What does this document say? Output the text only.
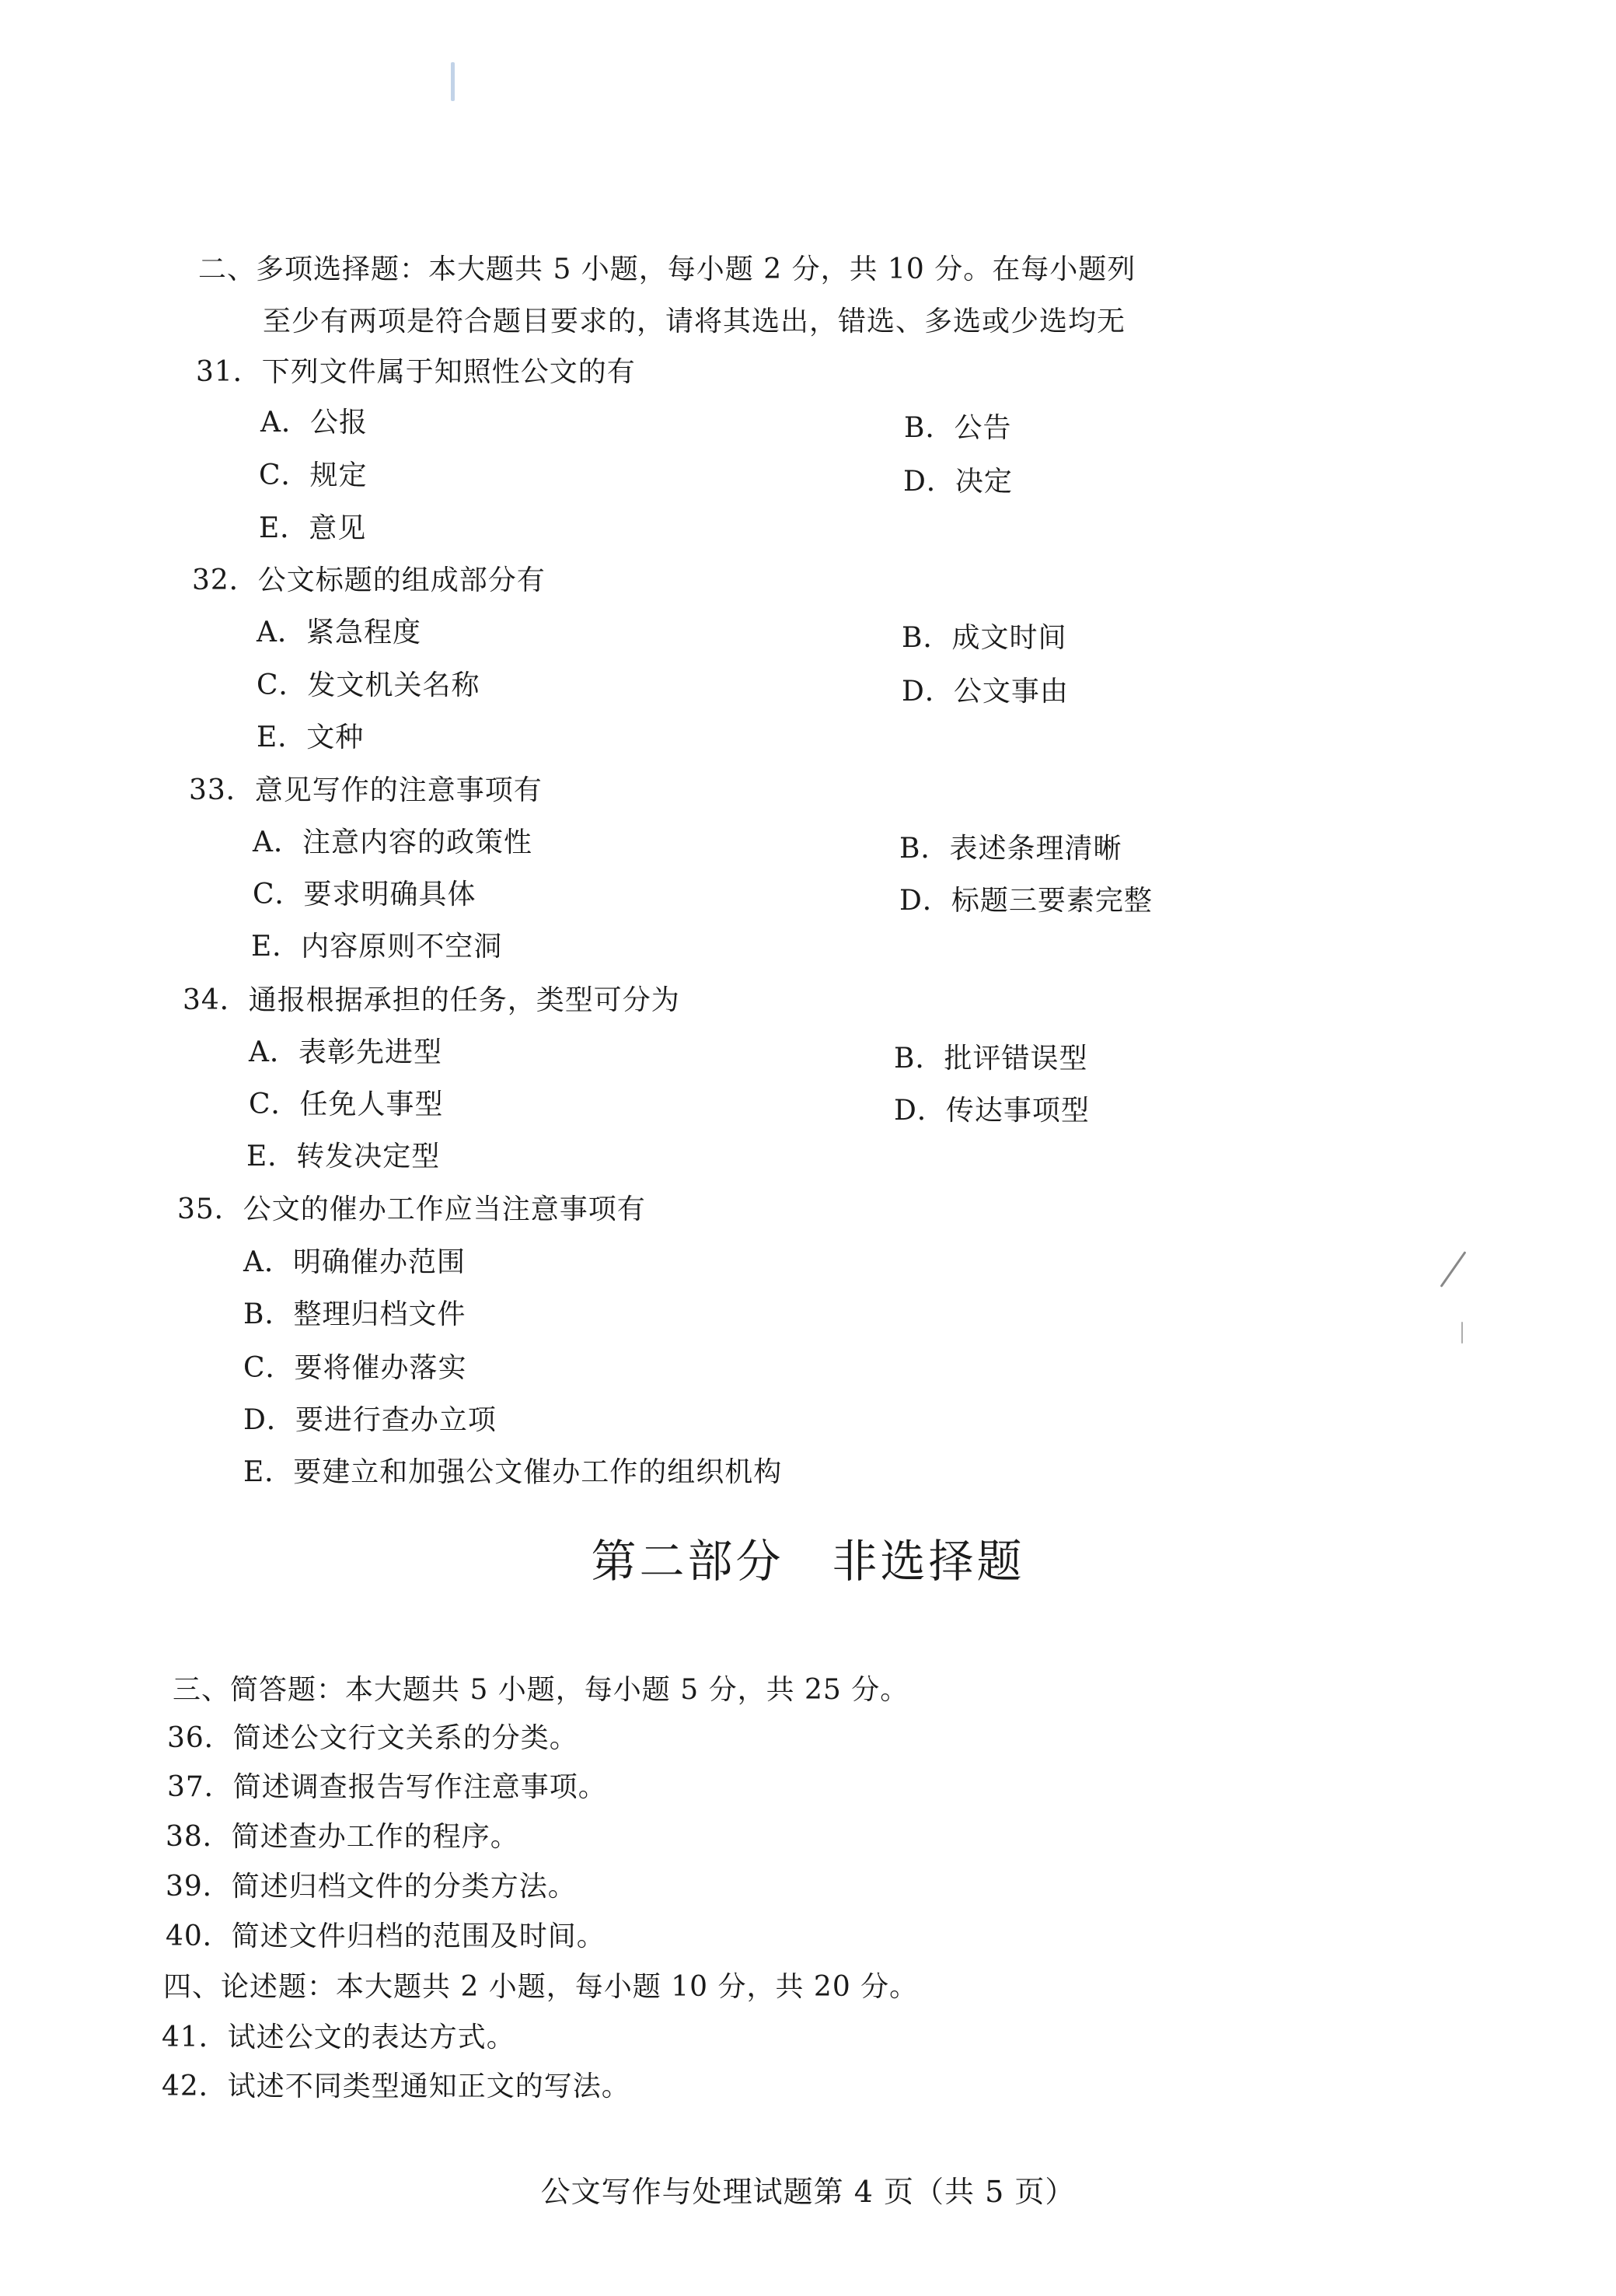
二、多项选择题：本大题共 5 小题，每小题 2 分，共 10 分。在每小题列
至少有两项是符合题目要求的，请将其选出，错选、多选或少选均无
31．下列文件属于知照性公文的有
A．公报	B．公告
C．规定	D．决定
E．意见
32．公文标题的组成部分有
A．紧急程度	B．成文时间
C．发文机关名称	D．公文事由
E．文种
33．意见写作的注意事项有
A．注意内容的政策性	B．表述条理清晰
C．要求明确具体	D．标题三要素完整
E．内容原则不空洞
34．通报根据承担的任务，类型可分为
A．表彰先进型	B．批评错误型
C．任免人事型	D．传达事项型
E．转发决定型
35．公文的催办工作应当注意事项有
A．明确催办范围
B．整理归档文件
C．要将催办落实
D．要进行查办立项
E．要建立和加强公文催办工作的组织机构
第二部分　非选择题
三、简答题：本大题共 5 小题，每小题 5 分，共 25 分。
36．简述公文行文关系的分类。
37．简述调查报告写作注意事项。
38．简述查办工作的程序。
39．简述归档文件的分类方法。
40．简述文件归档的范围及时间。
四、论述题：本大题共 2 小题，每小题 10 分，共 20 分。
41．试述公文的表达方式。
42．试述不同类型通知正文的写法。
公文写作与处理试题第 4 页（共 5 页）
